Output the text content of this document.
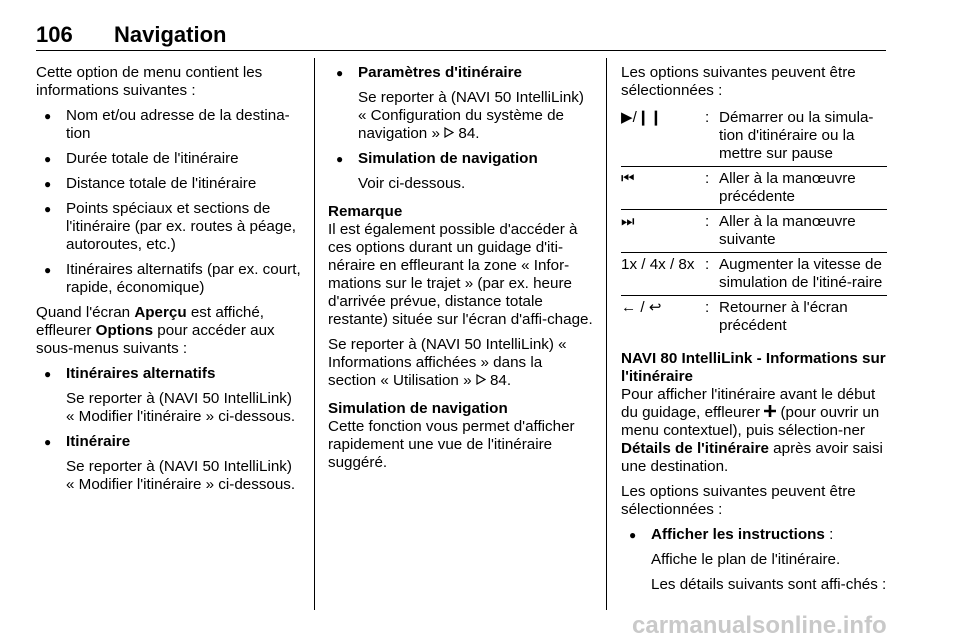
106 Navigation

Cette option de menu contient les informations suivantes :

● Nom et/ou adresse de la destina-tion
● Durée totale de l'itinéraire
● Distance totale de l'itinéraire
● Points spéciaux et sections de l'itinéraire (par ex. routes à péage, autoroutes, etc.)
● Itinéraires alternatifs (par ex. court, rapide, économique)

Quand l'écran Aperçu est affiché, effleurer Options pour accéder aux sous-menus suivants :

● Itinéraires alternatifs
Se reporter à (NAVI 50 IntelliLink) « Modifier l'itinéraire » ci-dessous.
● Itinéraire
Se reporter à (NAVI 50 IntelliLink) « Modifier l'itinéraire » ci-dessous.
● Paramètres d'itinéraire
Se reporter à (NAVI 50 IntelliLink) « Configuration du système de navigation »  84.
● Simulation de navigation
Voir ci-dessous.

Remarque

Il est également possible d'accéder à ces options durant un guidage d'iti-néraire en effleurant la zone « Infor-mations sur le trajet » (par ex. heure d'arrivée prévue, distance totale restante) située sur l'écran d'affi-chage.

Se reporter à (NAVI 50 IntelliLink) « Informations affichées » dans la section « Utilisation »  84.

Simulation de navigation

Cette fonction vous permet d'afficher rapidement une vue de l'itinéraire suggéré.

Les options suivantes peuvent être sélectionnées :

▶/❙❙	: Démarrer ou la simula-tion d'itinéraire ou la mettre sur pause
⏮	: Aller à la manœuvre précédente
⏭	: Aller à la manœuvre suivante
1x / 4x / 8x : Augmenter la vitesse de simulation de l'itiné-raire
← / ↩	: Retourner à l'écran précédent

NAVI 80 IntelliLink - Informations sur l'itinéraire

Pour afficher l'itinéraire avant le début du guidage, effleurer  (pour ouvrir un menu contextuel), puis sélection-ner Détails de l'itinéraire après avoir saisi une destination.

Les options suivantes peuvent être sélectionnées :

● Afficher les instructions :
Affiche le plan de l'itinéraire.
Les détails suivants sont affi-chés :
carmanualsonline.info
